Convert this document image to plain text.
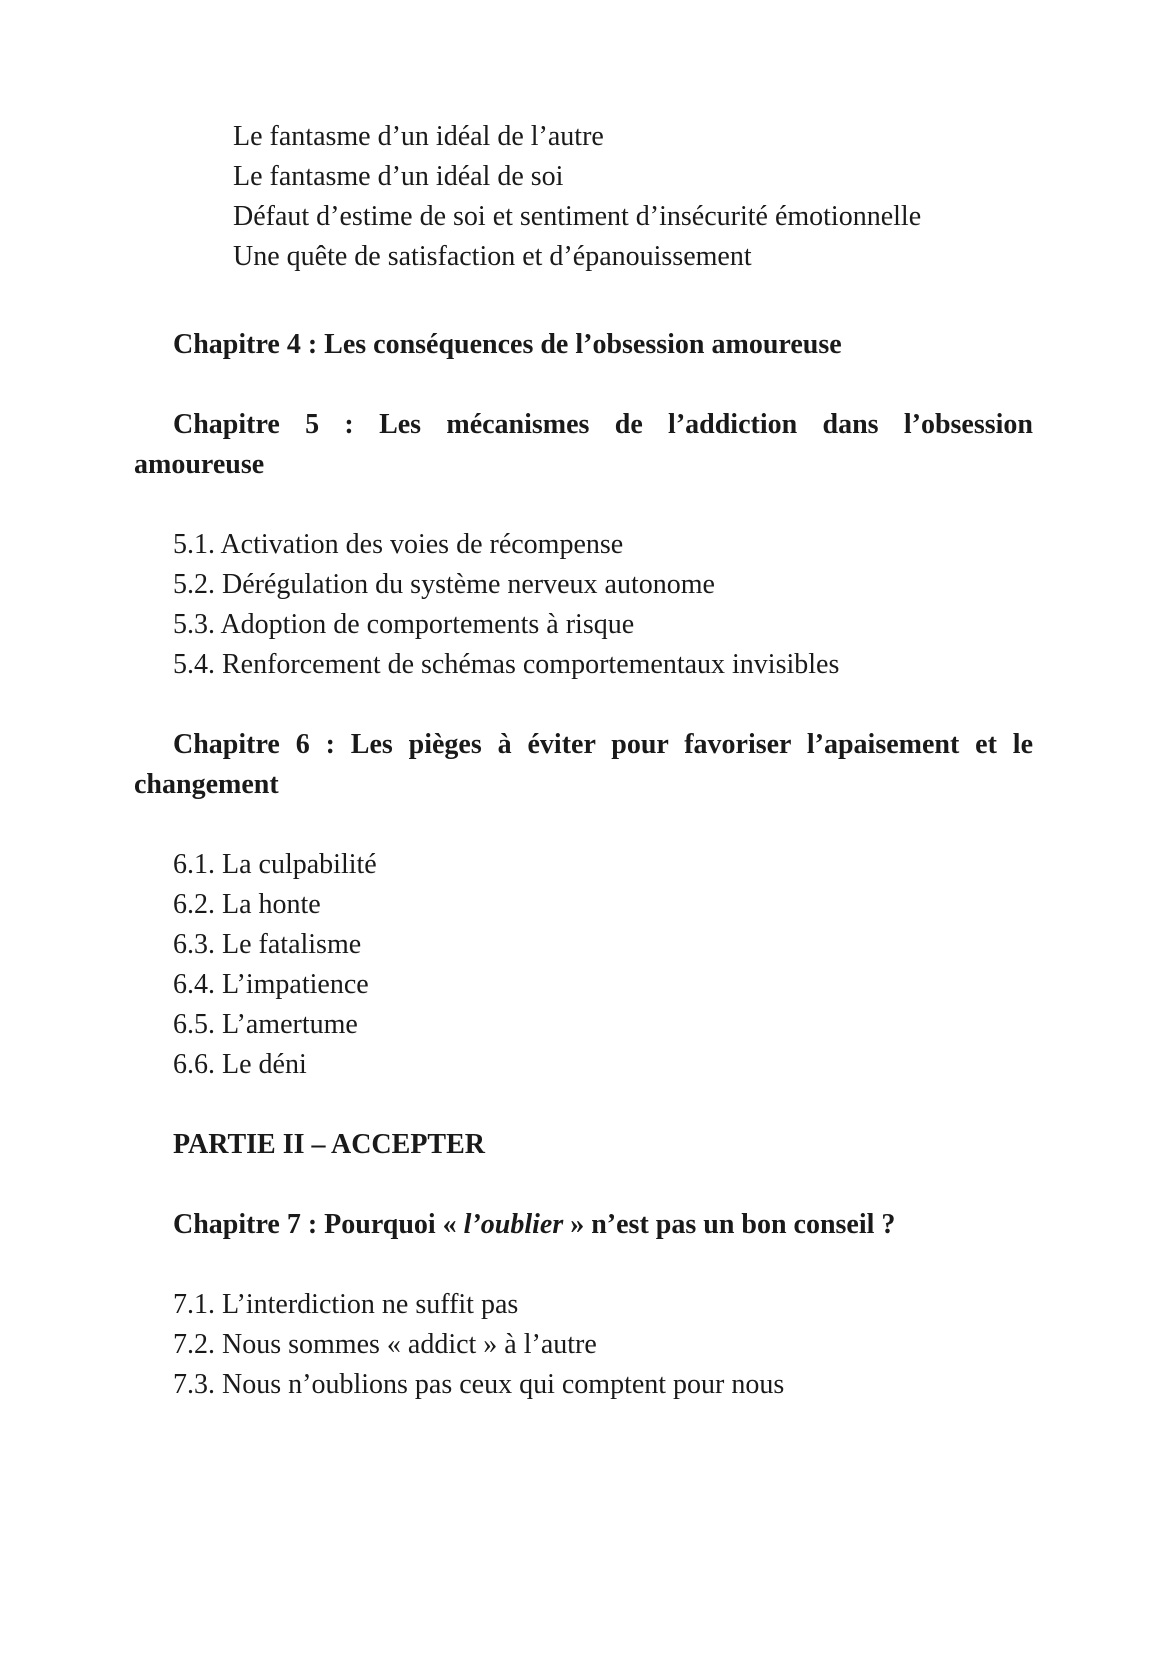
Le fantasme d’un idéal de l’autre
Le fantasme d’un idéal de soi
Défaut d’estime de soi et sentiment d’insécurité émotionnelle
Une quête de satisfaction et d’épanouissement
Chapitre 4 : Les conséquences de l’obsession amoureuse
Chapitre 5 : Les mécanismes de l’addiction dans l’obsession
amoureuse
5.1. Activation des voies de récompense
5.2. Dérégulation du système nerveux autonome
5.3. Adoption de comportements à risque
5.4. Renforcement de schémas comportementaux invisibles
Chapitre 6 : Les pièges à éviter pour favoriser l’apaisement et le
changement
6.1. La culpabilité
6.2. La honte
6.3. Le fatalisme
6.4. L’impatience
6.5. L’amertume
6.6. Le déni
PARTIE II – ACCEPTER
Chapitre 7 : Pourquoi « l’oublier » n’est pas un bon conseil ?
7.1. L’interdiction ne suffit pas
7.2. Nous sommes « addict » à l’autre
7.3. Nous n’oublions pas ceux qui comptent pour nous
